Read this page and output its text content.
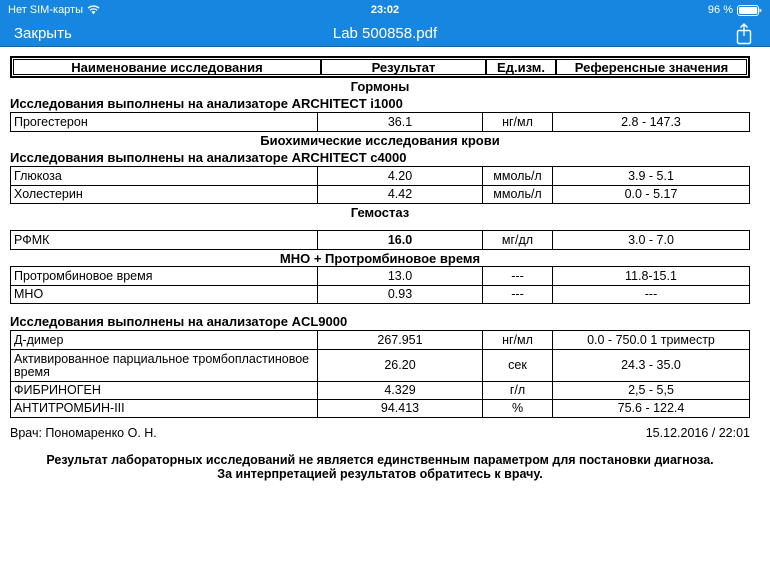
Нет SIM-карты	23:02	96 %
Закрыть	Lab 500858.pdf
Наименование исследования	Результат	Ед.изм.	Референсные значения
Гормоны
Исследования выполнены на анализаторе ARCHITECT i1000
Прогестерон	36.1	нг/мл	2.8 - 147.3
Биохимические исследования крови
Исследования выполнены на анализаторе ARCHITECT c4000
Глюкоза	4.20	ммоль/л	3.9 - 5.1
Холестерин	4.42	ммоль/л	0.0 - 5.17
Гемостаз
РФМК	16.0	мг/дл	3.0 - 7.0
МНО + Протромбиновое время
Протромбиновое время	13.0	---	11.8-15.1
МНО	0.93	---	---
Исследования выполнены на анализаторе ACL9000
Д-димер	267.951	нг/мл	0.0 - 750.0 1 триместр
Активированное парциальное тромбопластиновое время	26.20	сек	24.3 - 35.0
ФИБРИНОГЕН	4.329	г/л	2,5 - 5,5
АНТИТРОМБИН-III	94.413	%	75.6 - 122.4
Врач: Пономаренко О. Н.	15.12.2016 / 22:01
Результат лабораторных исследований не является единственным параметром для постановки диагноза.
За интерпретацией результатов обратитесь к врачу.
